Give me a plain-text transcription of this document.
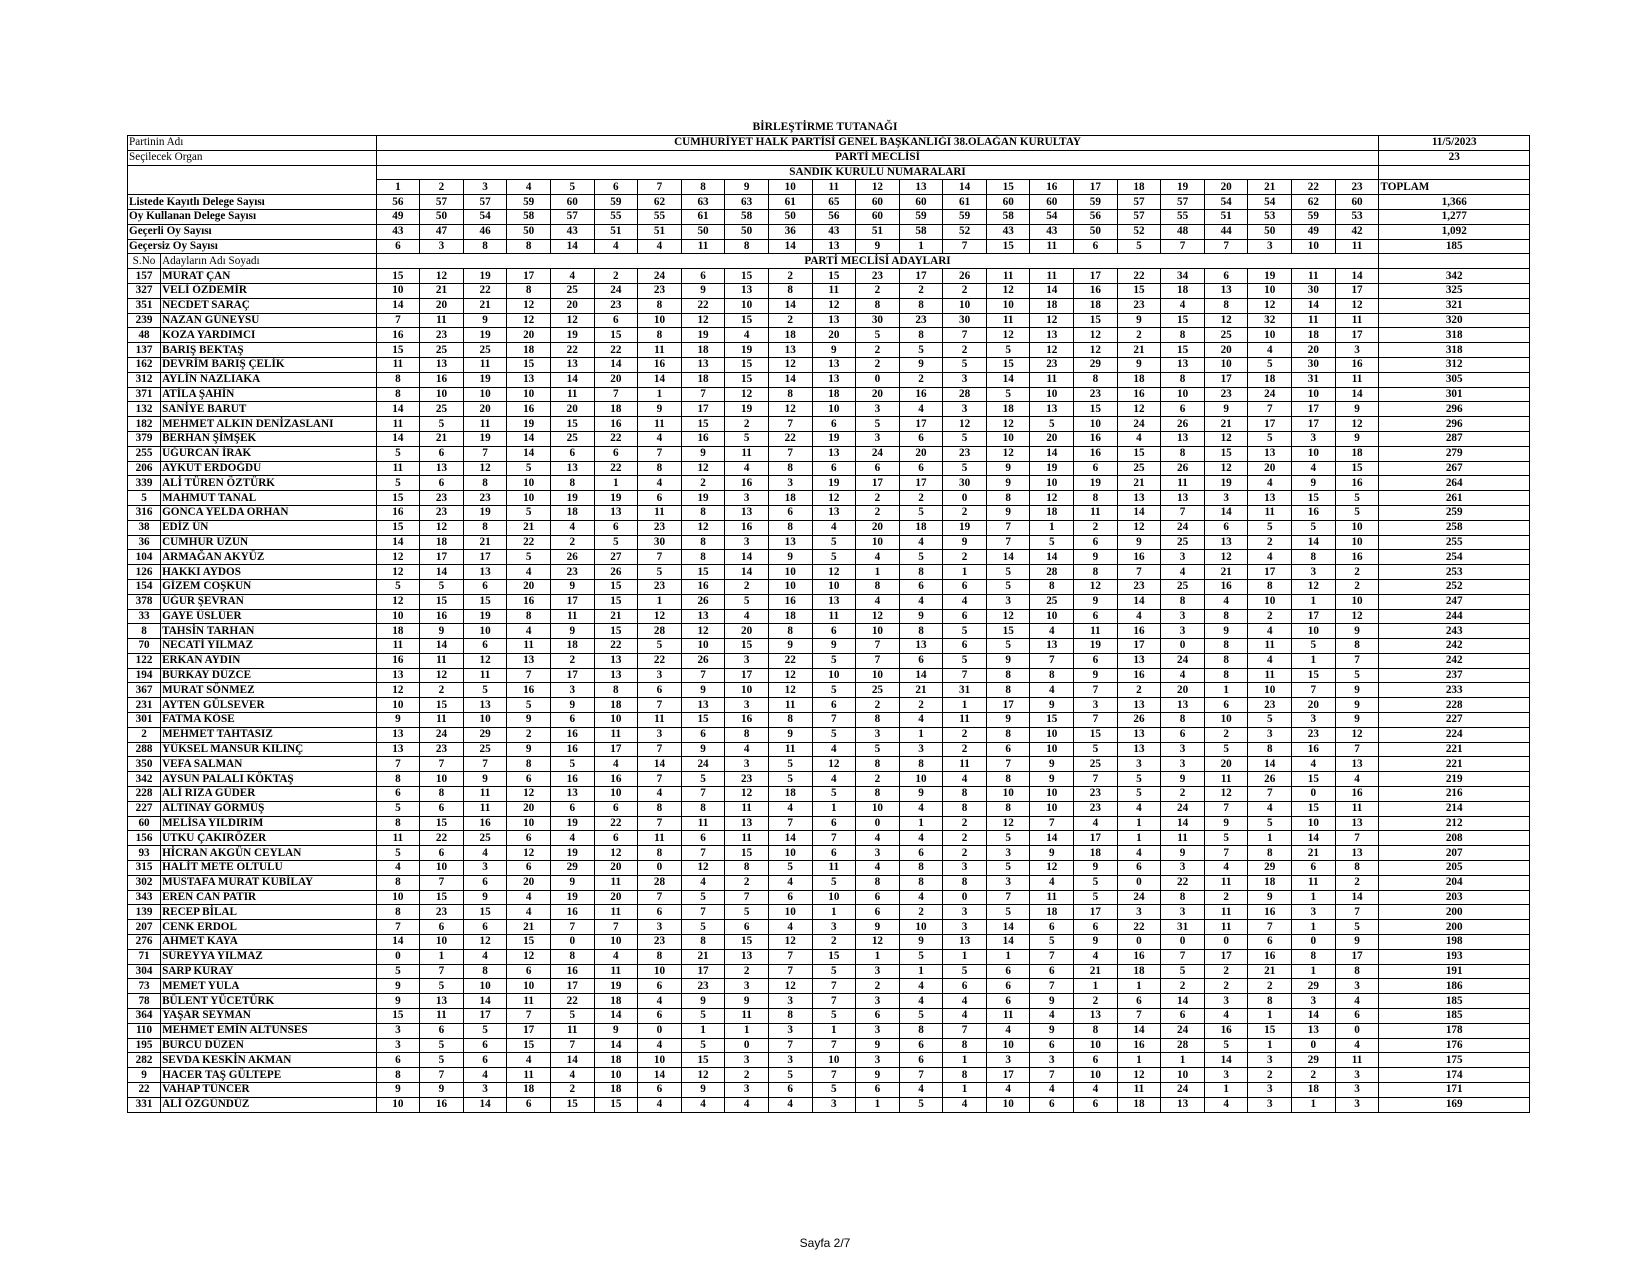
BİRLEŞTİRME TUTANAĞI
Partinin Adı		CUMHURİYET HALK PARTİSİ GENEL BAŞKANLIĞI 38.OLAĞAN KURULTAY																							11/5/2023
Seçilecek Organ		PARTİ MECLİSİ																							23
		SANDIK KURULU NUMARALARI																							
		1	2	3	4	5	6	7	8	9	10	11	12	13	14	15	16	17	18	19	20	21	22	23	TOPLAM
Listede Kayıtlı Delege Sayısı		56	57	57	59	60	59	62	63	63	61	65	60	60	61	60	60	59	57	57	54	54	62	60	1,366
Oy Kullanan Delege Sayısı		49	50	54	58	57	55	55	61	58	50	56	60	59	59	58	54	56	57	55	51	53	59	53	1,277
Geçerli Oy Sayısı		43	47	46	50	43	51	51	50	50	36	43	51	58	52	43	43	50	52	48	44	50	49	42	1,092
Geçersiz Oy Sayısı		6	3	8	8	14	4	4	11	8	14	13	9	1	7	15	11	6	5	7	7	3	10	11	185
S.No	Adayların Adı Soyadı	PARTİ MECLİSİ ADAYLARI																							
157	MURAT ÇAN	15	12	19	17	4	2	24	6	15	2	15	23	17	26	11	11	17	22	34	6	19	11	14	342
327	VELİ ÖZDEMİR	10	21	22	8	25	24	23	9	13	8	11	2	2	2	12	14	16	15	18	13	10	30	17	325
351	NECDET SARAÇ	14	20	21	12	20	23	8	22	10	14	12	8	8	10	10	18	18	23	4	8	12	14	12	321
239	NAZAN GÜNEYSU	7	11	9	12	12	6	10	12	15	2	13	30	23	30	11	12	15	9	15	12	32	11	11	320
48	KOZA YARDIMCI	16	23	19	20	19	15	8	19	4	18	20	5	8	7	12	13	12	2	8	25	10	18	17	318
137	BARIŞ BEKTAŞ	15	25	25	18	22	22	11	18	19	13	9	2	5	2	5	12	12	21	15	20	4	20	3	318
162	DEVRİM BARIŞ ÇELİK	11	13	11	15	13	14	16	13	15	12	13	2	9	5	15	23	29	9	13	10	5	30	16	312
312	AYLİN NAZLIAKA	8	16	19	13	14	20	14	18	15	14	13	0	2	3	14	11	8	18	8	17	18	31	11	305
371	ATİLA ŞAHİN	8	10	10	10	11	7	1	7	12	8	18	20	16	28	5	10	23	16	10	23	24	10	14	301
132	SANİYE BARUT	14	25	20	16	20	18	9	17	19	12	10	3	4	3	18	13	15	12	6	9	7	17	9	296
182	MEHMET ALKIN DENİZASLANI	11	5	11	19	15	16	11	15	2	7	6	5	17	12	12	5	10	24	26	21	17	17	12	296
379	BERHAN ŞİMŞEK	14	21	19	14	25	22	4	16	5	22	19	3	6	5	10	20	16	4	13	12	5	3	9	287
255	UĞURCAN İRAK	5	6	7	14	6	6	7	9	11	7	13	24	20	23	12	14	16	15	8	15	13	10	18	279
206	AYKUT ERDOĞDU	11	13	12	5	13	22	8	12	4	8	6	6	6	5	9	19	6	25	26	12	20	4	15	267
339	ALİ TÜREN ÖZTÜRK	5	6	8	10	8	1	4	2	16	3	19	17	17	30	9	10	19	21	11	19	4	9	16	264
5	MAHMUT TANAL	15	23	23	10	19	19	6	19	3	18	12	2	2	0	8	12	8	13	13	3	13	15	5	261
316	GONCA YELDA ORHAN	16	23	19	5	18	13	11	8	13	6	13	2	5	2	9	18	11	14	7	14	11	16	5	259
38	EDİZ ÜN	15	12	8	21	4	6	23	12	16	8	4	20	18	19	7	1	2	12	24	6	5	5	10	258
36	CUMHUR UZUN	14	18	21	22	2	5	30	8	3	13	5	10	4	9	7	5	6	9	25	13	2	14	10	255
104	ARMAĞAN AKYÜZ	12	17	17	5	26	27	7	8	14	9	5	4	5	2	14	14	9	16	3	12	4	8	16	254
126	HAKKI AYDOS	12	14	13	4	23	26	5	15	14	10	12	1	8	1	5	28	8	7	4	21	17	3	2	253
154	GİZEM COŞKUN	5	5	6	20	9	15	23	16	2	10	10	8	6	6	5	8	12	23	25	16	8	12	2	252
378	UĞUR ŞEVRAN	12	15	15	16	17	15	1	26	5	16	13	4	4	4	3	25	9	14	8	4	10	1	10	247
33	GAYE ÜSLÜER	10	16	19	8	11	21	12	13	4	18	11	12	9	6	12	10	6	4	3	8	2	17	12	244
8	TAHSİN TARHAN	18	9	10	4	9	15	28	12	20	8	6	10	8	5	15	4	11	16	3	9	4	10	9	243
70	NECATİ YILMAZ	11	14	6	11	18	22	5	10	15	9	9	7	13	6	5	13	19	17	0	8	11	5	8	242
122	ERKAN AYDIN	16	11	12	13	2	13	22	26	3	22	5	7	6	5	9	7	6	13	24	8	4	1	7	242
194	BURKAY DÜZCE	13	12	11	7	17	13	3	7	17	12	10	10	14	7	8	8	9	16	4	8	11	15	5	237
367	MURAT SÖNMEZ	12	2	5	16	3	8	6	9	10	12	5	25	21	31	8	4	7	2	20	1	10	7	9	233
231	AYTEN GÜLSEVER	10	15	13	5	9	18	7	13	3	11	6	2	2	1	17	9	3	13	13	6	23	20	9	228
301	FATMA KÖSE	9	11	10	9	6	10	11	15	16	8	7	8	4	11	9	15	7	26	8	10	5	3	9	227
2	MEHMET TAHTASIZ	13	24	29	2	16	11	3	6	8	9	5	3	1	2	8	10	15	13	6	2	3	23	12	224
288	YÜKSEL MANSUR KILINÇ	13	23	25	9	16	17	7	9	4	11	4	5	3	2	6	10	5	13	3	5	8	16	7	221
350	VEFA SALMAN	7	7	7	8	5	4	14	24	3	5	12	8	8	11	7	9	25	3	3	20	14	4	13	221
342	AYSUN PALALI KÖKTAŞ	8	10	9	6	16	16	7	5	23	5	4	2	10	4	8	9	7	5	9	11	26	15	4	219
228	ALİ RIZA GÜDER	6	8	11	12	13	10	4	7	12	18	5	8	9	8	10	10	23	5	2	12	7	0	16	216
227	ALTINAY GÖRMÜŞ	5	6	11	20	6	6	8	8	11	4	1	10	4	8	8	10	23	4	24	7	4	15	11	214
60	MELİSA YILDIRIM	8	15	16	10	19	22	7	11	13	7	6	0	1	2	12	7	4	1	14	9	5	10	13	212
156	UTKU ÇAKIRÖZER	11	22	25	6	4	6	11	6	11	14	7	4	4	2	5	14	17	1	11	5	1	14	7	208
93	HİCRAN AKGÜN CEYLAN	5	6	4	12	19	12	8	7	15	10	6	3	6	2	3	9	18	4	9	7	8	21	13	207
315	HALİT METE OLTULU	4	10	3	6	29	20	0	12	8	5	11	4	8	3	5	12	9	6	3	4	29	6	8	205
302	MUSTAFA MURAT KUBİLAY	8	7	6	20	9	11	28	4	2	4	5	8	8	8	3	4	5	0	22	11	18	11	2	204
343	EREN CAN PATIR	10	15	9	4	19	20	7	5	7	6	10	6	4	0	7	11	5	24	8	2	9	1	14	203
139	RECEP BİLAL	8	23	15	4	16	11	6	7	5	10	1	6	2	3	5	18	17	3	3	11	16	3	7	200
207	CENK ERDOL	7	6	6	21	7	7	3	5	6	4	3	9	10	3	14	6	6	22	31	11	7	1	5	200
276	AHMET KAYA	14	10	12	15	0	10	23	8	15	12	2	12	9	13	14	5	9	0	0	0	6	0	9	198
71	SÜREYYA YILMAZ	0	1	4	12	8	4	8	21	13	7	15	1	5	1	1	7	4	16	7	17	16	8	17	193
304	SARP KURAY	5	7	8	6	16	11	10	17	2	7	5	3	1	5	6	6	21	18	5	2	21	1	8	191
73	MEMET YULA	9	5	10	10	17	19	6	23	3	12	7	2	4	6	6	7	1	1	2	2	2	29	3	186
78	BÜLENT YÜCETÜRK	9	13	14	11	22	18	4	9	9	3	7	3	4	4	6	9	2	6	14	3	8	3	4	185
364	YAŞAR SEYMAN	15	11	17	7	5	14	6	5	11	8	5	6	5	4	11	4	13	7	6	4	1	14	6	185
110	MEHMET EMİN ALTUNSES	3	6	5	17	11	9	0	1	1	3	1	3	8	7	4	9	8	14	24	16	15	13	0	178
195	BURCU DÜZEN	3	5	6	15	7	14	4	5	0	7	7	9	6	8	10	6	10	16	28	5	1	0	4	176
282	SEVDA KESKİN AKMAN	6	5	6	4	14	18	10	15	3	3	10	3	6	1	3	3	6	1	1	14	3	29	11	175
9	HACER TAŞ GÜLTEPE	8	7	4	11	4	10	14	12	2	5	7	9	7	8	17	7	10	12	10	3	2	2	3	174
22	VAHAP TÜNCER	9	9	3	18	2	18	6	9	3	6	5	6	4	1	4	4	4	11	24	1	3	18	3	171
331	ALİ ÖZGÜNDÜZ	10	16	14	6	15	15	4	4	4	4	3	1	5	4	10	6	6	18	13	4	3	1	3	169
Sayfa 2/7
